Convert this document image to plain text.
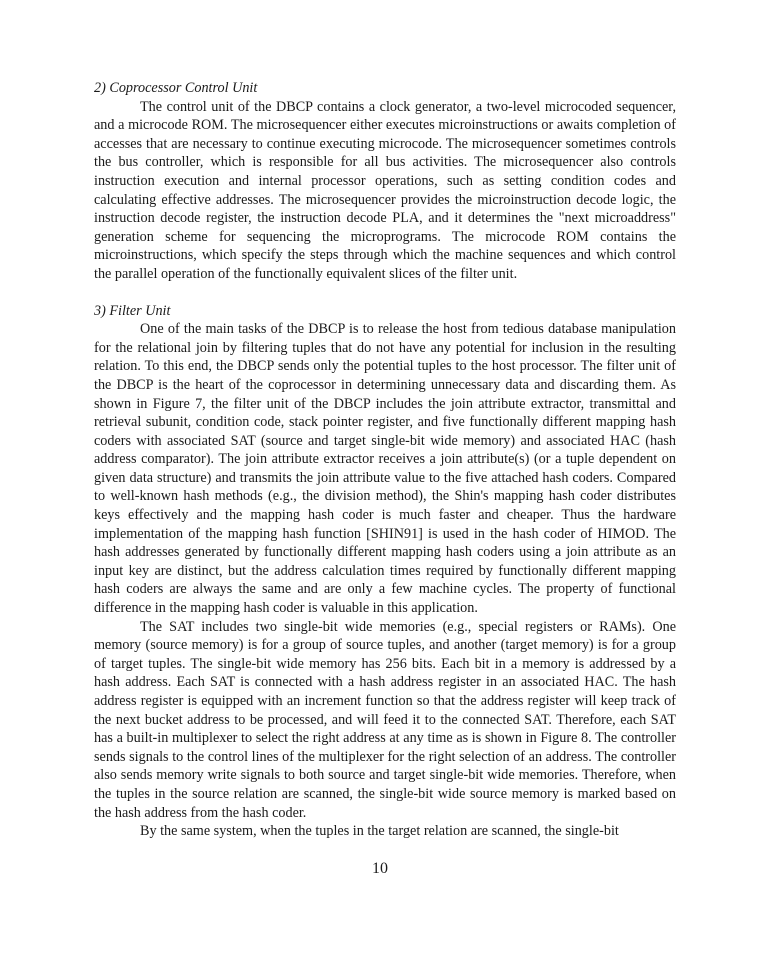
2) Coprocessor Control Unit

The control unit of the DBCP contains a clock generator, a two-level microcoded sequencer, and a microcode ROM. The microsequencer either executes microinstructions or awaits completion of accesses that are necessary to continue executing microcode. The microsequencer sometimes controls the bus controller, which is responsible for all bus activities. The microsequencer also controls instruction execution and internal processor operations, such as setting condition codes and calculating effective addresses. The microsequencer provides the microinstruction decode logic, the instruction decode register, the instruction decode PLA, and it determines the "next microaddress" generation scheme for sequencing the microprograms. The microcode ROM contains the microinstructions, which specify the steps through which the machine sequences and which control the parallel operation of the functionally equivalent slices of the filter unit.

3) Filter Unit

One of the main tasks of the DBCP is to release the host from tedious database manipulation for the relational join by filtering tuples that do not have any potential for inclusion in the resulting relation. To this end, the DBCP sends only the potential tuples to the host processor. The filter unit of the DBCP is the heart of the coprocessor in determining unnecessary data and discarding them. As shown in Figure 7, the filter unit of the DBCP includes the join attribute extractor, transmittal and retrieval subunit, condition code, stack pointer register, and five functionally different mapping hash coders with associated SAT (source and target single-bit wide memory) and associated HAC (hash address comparator). The join attribute extractor receives a join attribute(s) (or a tuple dependent on given data structure) and transmits the join attribute value to the five attached hash coders. Compared to well-known hash methods (e.g., the division method), the Shin's mapping hash coder distributes keys effectively and the mapping hash coder is much faster and cheaper. Thus the hardware implementation of the mapping hash function [SHIN91] is used in the hash coder of HIMOD. The hash addresses generated by functionally different mapping hash coders using a join attribute as an input key are distinct, but the address calculation times required by functionally different mapping hash coders are always the same and are only a few machine cycles. The property of functional difference in the mapping hash coder is valuable in this application.

The SAT includes two single-bit wide memories (e.g., special registers or RAMs). One memory (source memory) is for a group of source tuples, and another (target memory) is for a group of target tuples. The single-bit wide memory has 256 bits. Each bit in a memory is addressed by a hash address. Each SAT is connected with a hash address register in an associated HAC. The hash address register is equipped with an increment function so that the address register will keep track of the next bucket address to be processed, and will feed it to the connected SAT. Therefore, each SAT has a built-in multiplexer to select the right address at any time as is shown in Figure 8. The controller sends signals to the control lines of the multiplexer for the right selection of an address. The controller also sends memory write signals to both source and target single-bit wide memories. Therefore, when the tuples in the source relation are scanned, the single-bit wide source memory is marked based on the hash address from the hash coder.

By the same system, when the tuples in the target relation are scanned, the single-bit

10
